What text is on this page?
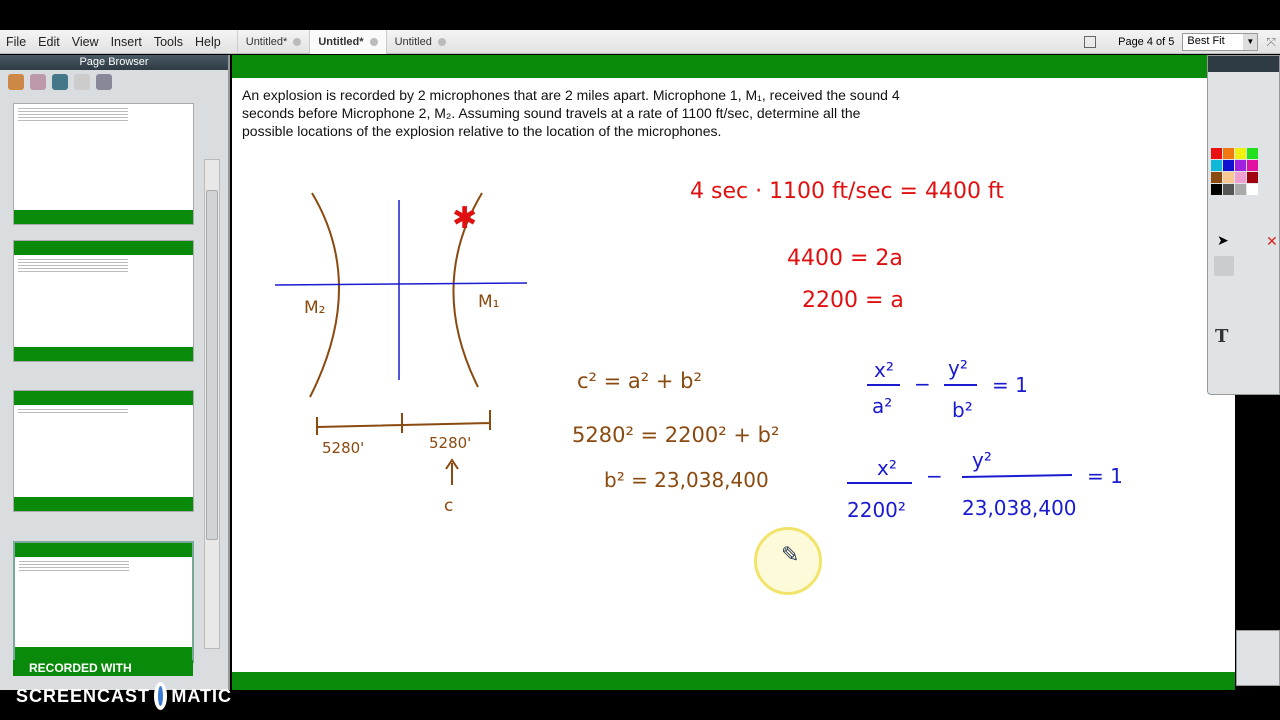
File Edit View Insert Tools Help	Untitled*	Untitled*	Untitled	Page 4 of 5	Best Fit	▼ ⤧
Page Browser
An explosion is recorded by 2 microphones that are 2 miles apart. Microphone 1, M₁, received the sound 4 seconds before Microphone 2, M₂. Assuming sound travels at a rate of 1100 ft/sec, determine all the possible locations of the explosion relative to the location of the microphones.
✱
M₂	M₁
5280'	5280'
c
c² = a² + b²
5280² = 2200² + b²
b² = 23,038,400
4 sec · 1100 ft/sec = 4400 ft
4400 = 2a
2200 = a
x²
a²
−
y²
b²
= 1
x²
2200²
−
y²
23,038,400
= 1
T
✕
➤
✎
RECORDED WITH
SCREENCAST MATIC
